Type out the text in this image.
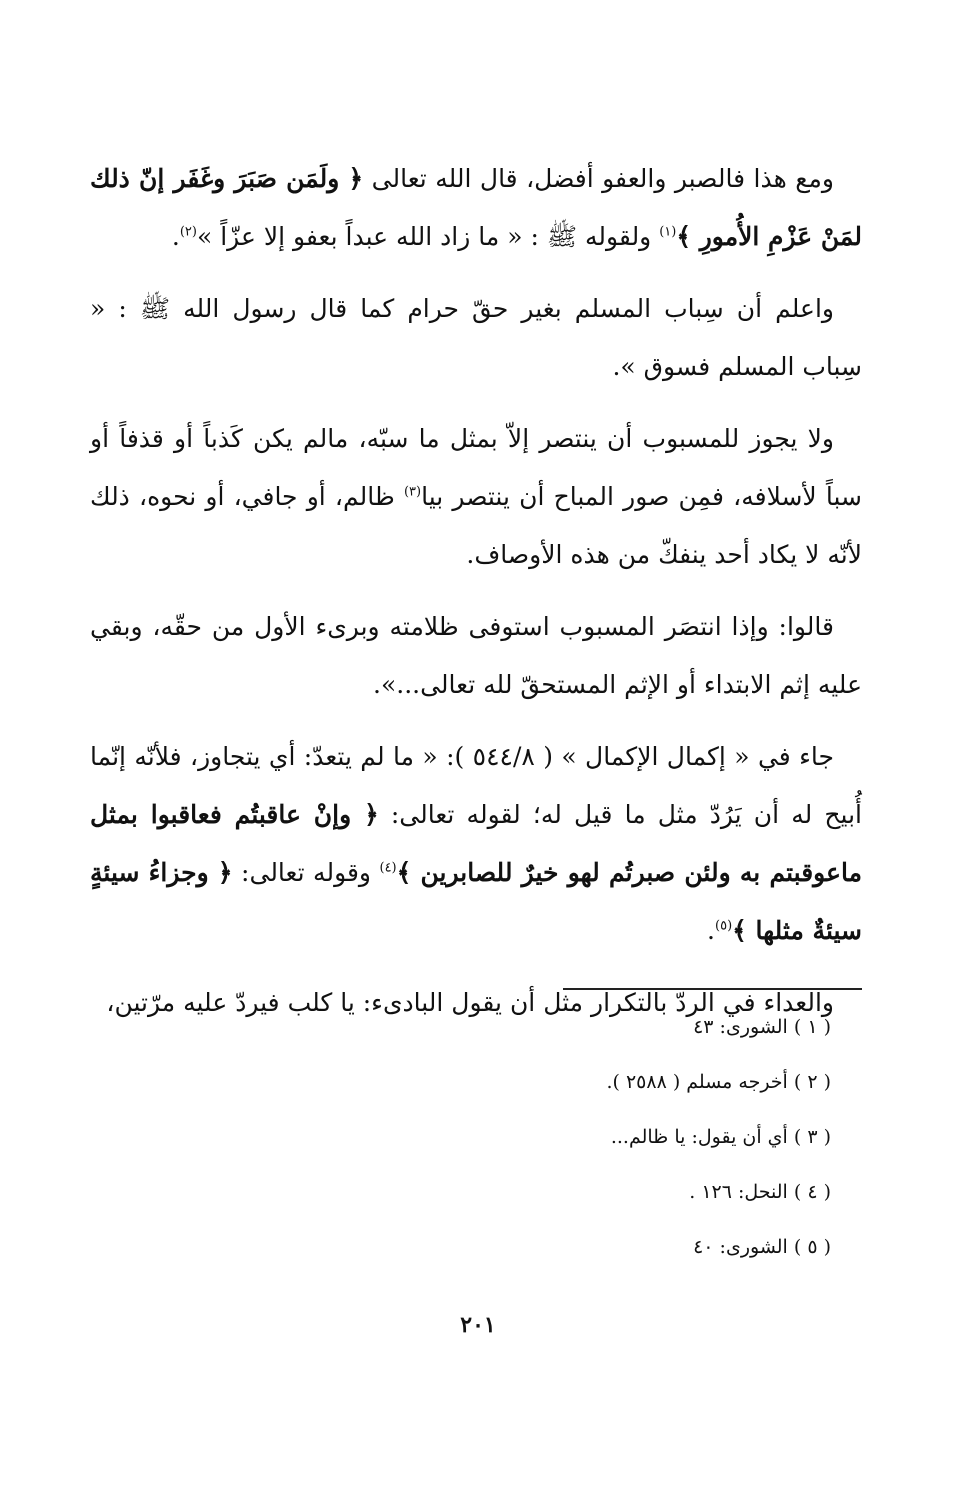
ومع هذا فالصبر والعفو أفضل، قال الله تعالى ﴿ ولَمَن صَبَرَ وغَفَر إنّ ذلك لمَنْ عَزْمِ الأُمورِ ﴾$^{(١)}$ ولقوله ﷺ : « ما زاد الله عبداً بعفو إلا عزّاً »$^{(٢)}$.

واعلم أن سِباب المسلم بغير حقّ حرام كما قال رسول الله ﷺ : « سِباب المسلم فسوق ».

ولا يجوز للمسبوب أن ينتصر إلاّ بمثل ما سبّه، مالم يكن كَذباً أو قذفاً أو سباً لأسلافه، فمِن صور المباح أن ينتصر بيا$^{(٣)}$ ظالم، أو جافي، أو نحوه، ذلك لأنّه لا يكاد أحد ينفكّ من هذه الأوصاف.

قالوا: وإذا انتصَر المسبوب استوفى ظلامته وبرىء الأول من حقّه، وبقي عليه إثم الابتداء أو الإثم المستحقّ لله تعالى...».

جاء في « إكمال الإكمال » ( ٥٤٤/٨ ): « ما لم يتعدّ: أي يتجاوز، فلأنّه إنّما أُبيح له أن يَرُدّ مثل ما قيل له؛ لقوله تعالى: ﴿ وإنْ عاقبتُم فعاقبوا بمثل ماعوقبتم به ولئن صبرتُم لهو خيرٌ للصابرين ﴾$^{(٤)}$ وقوله تعالى: ﴿ وجزاءُ سيئةٍ سيئةٌ مثلها ﴾$^{(٥)}$.

والعداء في الردّ بالتكرار مثل أن يقول البادىء: يا كلب فيردّ عليه مرّتين،

( ١ ) الشورى: ٤٣
( ٢ ) أخرجه مسلم ( ٢٥٨٨ ).
( ٣ ) أي أن يقول: يا ظالم...
( ٤ ) النحل: ١٢٦ .
( ٥ ) الشورى: ٤٠
٢٠١
